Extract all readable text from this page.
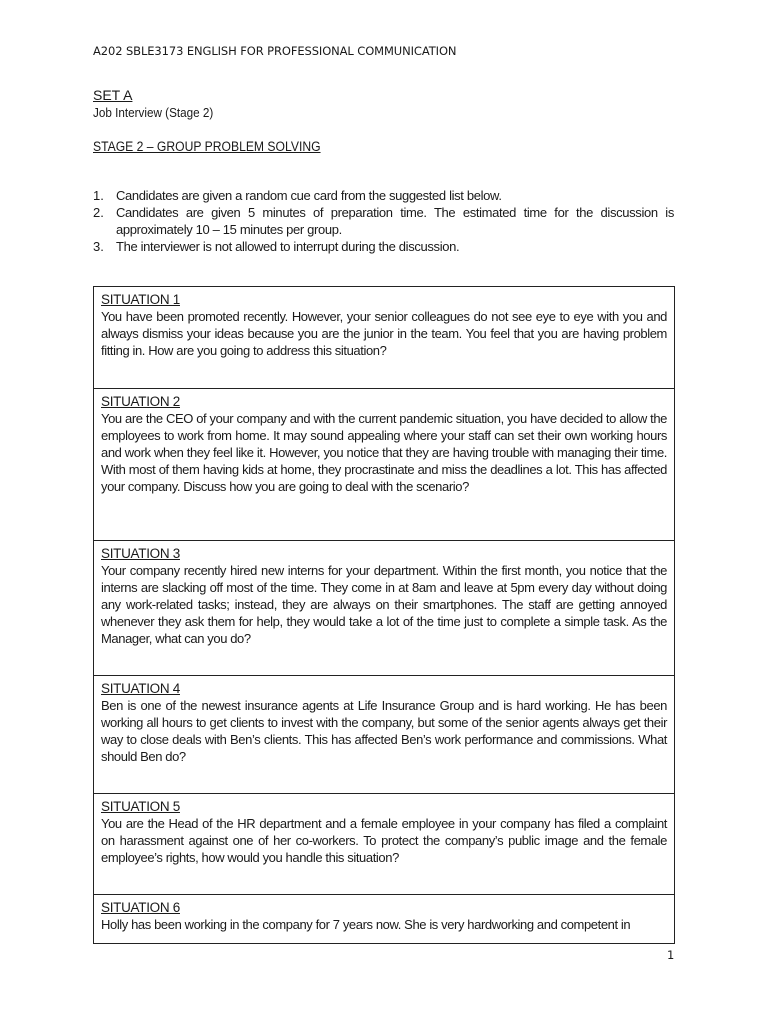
A202 SBLE3173 ENGLISH FOR PROFESSIONAL COMMUNICATION
SET A
Job Interview (Stage 2)
STAGE 2 – GROUP PROBLEM SOLVING
1. Candidates are given a random cue card from the suggested list below.
2. Candidates are given 5 minutes of preparation time. The estimated time for the discussion is approximately 10 – 15 minutes per group.
3. The interviewer is not allowed to interrupt during the discussion.
SITUATION 1
You have been promoted recently. However, your senior colleagues do not see eye to eye with you and always dismiss your ideas because you are the junior in the team. You feel that you are having problem fitting in. How are you going to address this situation?

SITUATION 2
You are the CEO of your company and with the current pandemic situation, you have decided to allow the employees to work from home. It may sound appealing where your staff can set their own working hours and work when they feel like it. However, you notice that they are having trouble with managing their time. With most of them having kids at home, they procrastinate and miss the deadlines a lot. This has affected your company. Discuss how you are going to deal with the scenario?

SITUATION 3
Your company recently hired new interns for your department. Within the first month, you notice that the interns are slacking off most of the time. They come in at 8am and leave at 5pm every day without doing any work-related tasks; instead, they are always on their smartphones. The staff are getting annoyed whenever they ask them for help, they would take a lot of the time just to complete a simple task. As the Manager, what can you do?

SITUATION 4
Ben is one of the newest insurance agents at Life Insurance Group and is hard working. He has been working all hours to get clients to invest with the company, but some of the senior agents always get their way to close deals with Ben’s clients. This has affected Ben’s work performance and commissions. What should Ben do?

SITUATION 5
You are the Head of the HR department and a female employee in your company has filed a complaint on harassment against one of her co-workers. To protect the company’s public image and the female employee’s rights, how would you handle this situation?

SITUATION 6
Holly has been working in the company for 7 years now. She is very hardworking and competent in
1
